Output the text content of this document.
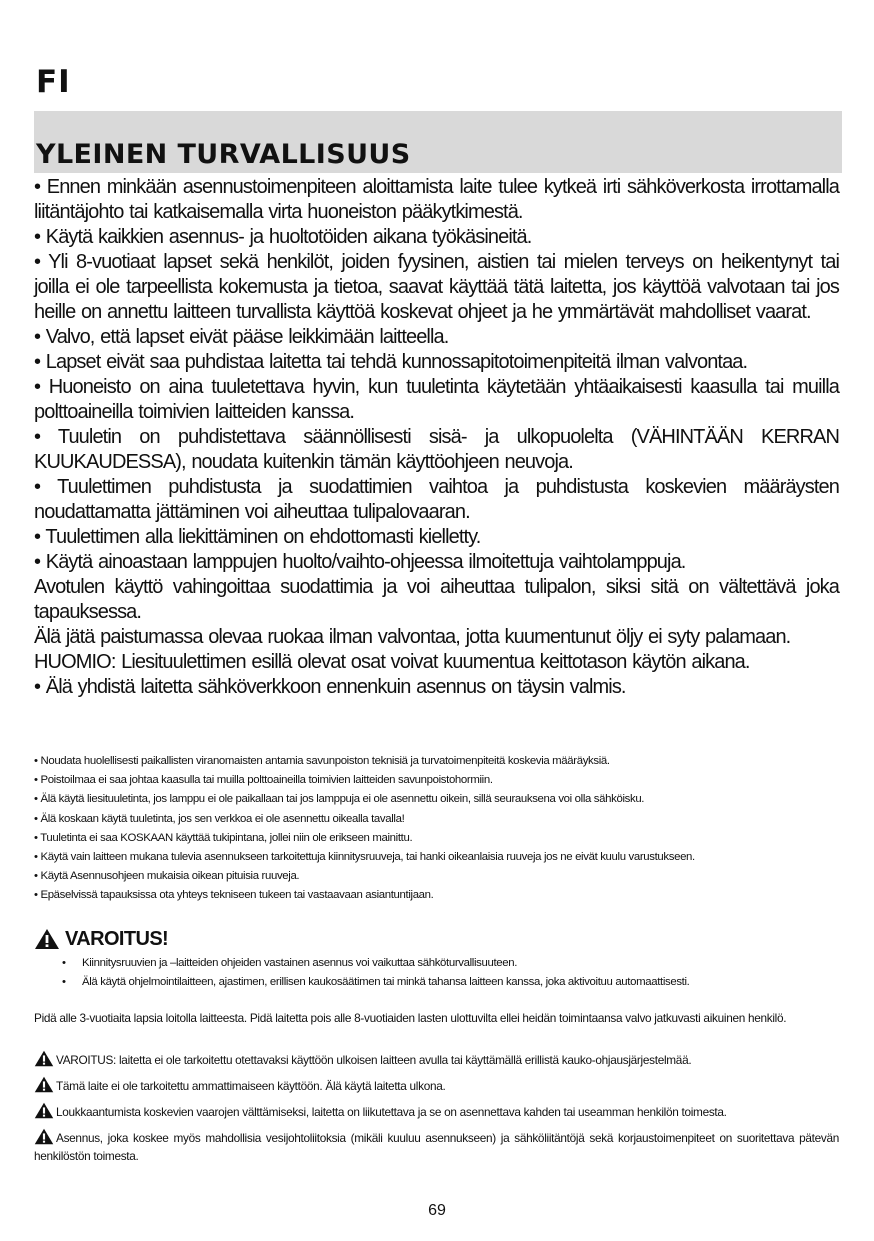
FI
YLEINEN TURVALLISUUS

• Ennen minkään asennustoimenpiteen aloittamista laite tulee kytkeä irti sähköverkosta irrottamalla liitäntäjohto tai katkaisemalla virta huoneiston pääkytkimestä.

• Käytä kaikkien asennus- ja huoltotöiden aikana työkäsineitä.

• Yli 8-vuotiaat lapset sekä henkilöt, joiden fyysinen, aistien tai mielen terveys on heikentynyt tai joilla ei ole tarpeellista kokemusta ja tietoa, saavat käyttää tätä laitetta, jos käyttöä valvotaan tai jos heille on annettu laitteen turvallista käyttöä koskevat ohjeet ja he ymmärtävät mahdolliset vaarat.

• Valvo, että lapset eivät pääse leikkimään laitteella.

• Lapset eivät saa puhdistaa laitetta tai tehdä kunnossapitotoimenpiteitä ilman valvontaa.

• Huoneisto on aina tuuletettava hyvin, kun tuuletinta käytetään yhtäaikaisesti kaasulla tai muilla polttoaineilla toimivien laitteiden kanssa.

• Tuuletin on puhdistettava säännöllisesti sisä- ja ulkopuolelta (VÄHINTÄÄN KERRAN KUUKAUDESSA), noudata kuitenkin tämän käyttöohjeen neuvoja.

• Tuulettimen puhdistusta ja suodattimien vaihtoa ja puhdistusta koskevien määräysten noudattamatta jättäminen voi aiheuttaa tulipalovaaran.

• Tuulettimen alla liekittäminen on ehdottomasti kielletty.

• Käytä ainoastaan lamppujen huolto/vaihto-ohjeessa ilmoitettuja vaihtolamppuja.

Avotulen käyttö vahingoittaa suodattimia ja voi aiheuttaa tulipalon, siksi sitä on vältettävä joka tapauksessa.

Älä jätä paistumassa olevaa ruokaa ilman valvontaa, jotta kuumentunut öljy ei syty palamaan.

HUOMIO: Liesituulettimen esillä olevat osat voivat kuumentua keittotason käytön aikana.

• Älä yhdistä laitetta sähköverkkoon ennenkuin asennus on täysin valmis.

• Noudata huolellisesti paikallisten viranomaisten antamia savunpoiston teknisiä ja turvatoimenpiteitä koskevia määräyksiä.

• Poistoilmaa ei saa johtaa kaasulla tai muilla polttoaineilla toimivien laitteiden savunpoistohormiin.

• Älä käytä liesituuletinta, jos lamppu ei ole paikallaan tai jos lamppuja ei ole asennettu oikein, sillä seurauksena voi olla sähköisku.

• Älä koskaan käytä tuuletinta, jos sen verkkoa ei ole asennettu oikealla tavalla!

• Tuuletinta ei saa KOSKAAN käyttää tukipintana, jollei niin ole erikseen mainittu.

• Käytä vain laitteen mukana tulevia asennukseen tarkoitettuja kiinnitysruuveja, tai hanki oikeanlaisia ruuveja jos ne eivät kuulu varustukseen.

• Käytä Asennusohjeen mukaisia oikean pituisia ruuveja.

• Epäselvissä tapauksissa ota yhteys tekniseen tukeen tai vastaavaan asiantuntijaan.

VAROITUS!
•	Kiinnitysruuvien ja –laitteiden ohjeiden vastainen asennus voi vaikuttaa sähköturvallisuuteen.
•	Älä käytä ohjelmointilaitteen, ajastimen, erillisen kaukosäätimen tai minkä tahansa laitteen kanssa, joka aktivoituu automaattisesti.

Pidä alle 3-vuotiaita lapsia loitolla laitteesta. Pidä laitetta pois alle 8-vuotiaiden lasten ulottuvilta ellei heidän toimintaansa valvo jatkuvasti aikuinen henkilö.

VAROITUS: laitetta ei ole tarkoitettu otettavaksi käyttöön ulkoisen laitteen avulla tai käyttämällä erillistä kauko-ohjausjärjestelmää.
Tämä laite ei ole tarkoitettu ammattimaiseen käyttöön. Älä käytä laitetta ulkona.
Loukkaantumista koskevien vaarojen välttämiseksi, laitetta on liikutettava ja se on asennettava kahden tai useamman henkilön toimesta.
Asennus, joka koskee myös mahdollisia vesijohtoliitoksia (mikäli kuuluu asennukseen) ja sähköliitäntöjä sekä korjaustoimenpiteet on suoritettava pätevän henkilöstön toimesta.
69
